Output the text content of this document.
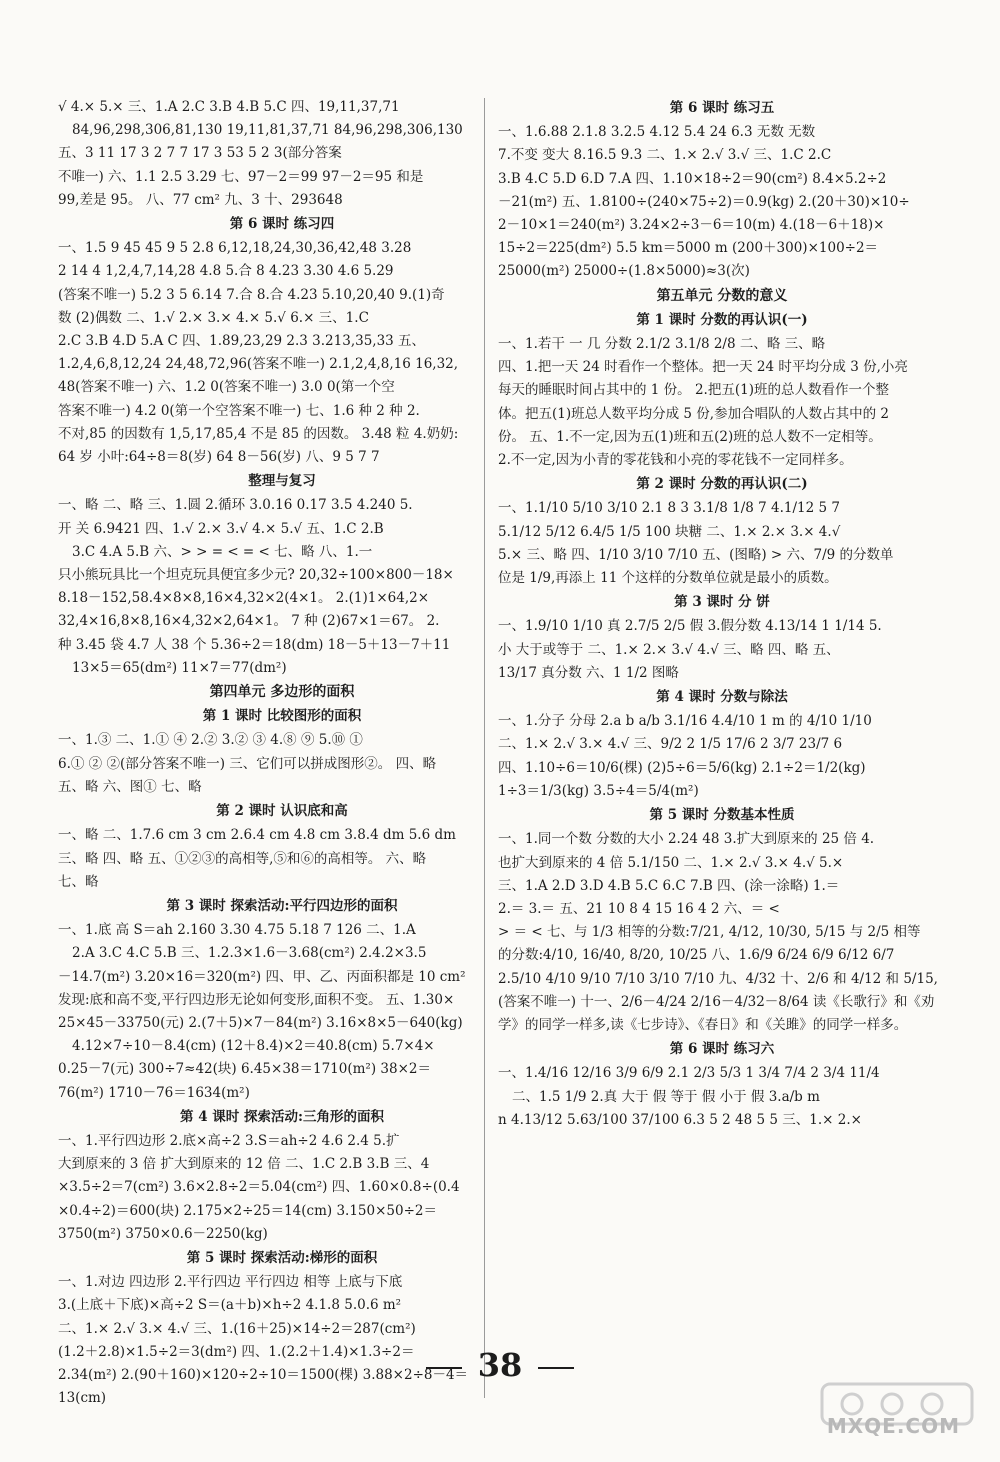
√ 4.× 5.× 三、1.A 2.C 3.B 4.B 5.C 四、19,11,37,71
84,96,298,306,81,130 19,11,81,37,71 84,96,298,306,130
五、3 11 17 3 2 7 7 17 3 53 5 2 3(部分答案
不唯一) 六、1.1 2.5 3.29 七、97－2＝99 97－2＝95 和是
99,差是 95。 八、77 cm² 九、3 十、293648
第 6 课时 练习四
一、1.5 9 45 45 9 5 2.8 6,12,18,24,30,36,42,48 3.28
2 14 4 1,2,4,7,14,28 4.8 5.合 8 4.23 3.30 4.6 5.29
(答案不唯一) 5.2 3 5 6.14 7.合 8.合 4.23 5.10,20,40 9.(1)奇
数 (2)偶数 二、1.√ 2.× 3.× 4.× 5.√ 6.× 三、1.C
2.C 3.B 4.D 5.A C 四、1.89,23,29 2.3 3.213,35,33 五、
1.2,4,6,8,12,24 24,48,72,96(答案不唯一) 2.1,2,4,8,16 16,32,
48(答案不唯一) 六、1.2 0(答案不唯一) 3.0 0(第一个空
答案不唯一) 4.2 0(第一个空答案不唯一) 七、1.6 种 2 种 2.
不对,85 的因数有 1,5,17,85,4 不是 85 的因数。 3.48 粒 4.奶奶:
64 岁 小叶:64÷8＝8(岁) 64 8－56(岁) 八、9 5 7 7
整理与复习
一、略 二、略 三、1.圆 2.循环 3.0.16 0.17 3.5 4.240 5.
开 关 6.9421 四、1.√ 2.× 3.√ 4.× 5.√ 五、1.C 2.B
3.C 4.A 5.B 六、> > = < = < 七、略 八、1.一
只小熊玩具比一个坦克玩具便宜多少元? 20,32÷100×800－18×
8.18－152,58.4×8×8,16×4,32×2(4×1。 2.(1)1×64,2×
32,4×16,8×8,16×4,32×2,64×1。 7 种 (2)67×1＝67。 2.
种 3.45 袋 4.7 人 38 个 5.36÷2＝18(dm) 18－5＋13－7＋11
13×5＝65(dm²) 11×7＝77(dm²)
第四单元 多边形的面积
第 1 课时 比较图形的面积
一、1.③ 二、1.① ④ 2.② 3.② ③ 4.⑧ ⑨ 5.⑩ ①
6.① ② ②(部分答案不唯一) 三、它们可以拼成图形②。 四、略
五、略 六、图① 七、略
第 2 课时 认识底和高
一、略 二、1.7.6 cm 3 cm 2.6.4 cm 4.8 cm 3.8.4 dm 5.6 dm
三、略 四、略 五、①②③的高相等,⑤和⑥的高相等。 六、略
七、略
第 3 课时 探索活动:平行四边形的面积
一、1.底 高 S＝ah 2.160 3.30 4.75 5.18 7 126 二、1.A
2.A 3.C 4.C 5.B 三、1.2.3×1.6－3.68(cm²) 2.4.2×3.5
－14.7(m²) 3.20×16＝320(m²) 四、甲、乙、丙面积都是 10 cm²
发现:底和高不变,平行四边形无论如何变形,面积不变。 五、1.30×
25×45－33750(元) 2.(7＋5)×7－84(m²) 3.16×8×5－640(kg)
4.12×7÷10－8.4(cm) (12＋8.4)×2＝40.8(cm) 5.7×4×
0.25－7(元) 300÷7≈42(块) 6.45×38＝1710(m²) 38×2＝
76(m²) 1710－76＝1634(m²)
第 4 课时 探索活动:三角形的面积
一、1.平行四边形 2.底×高÷2 3.S＝ah÷2 4.6 2.4 5.扩
大到原来的 3 倍 扩大到原来的 12 倍 二、1.C 2.B 3.B 三、4
×3.5÷2＝7(cm²) 3.6×2.8÷2＝5.04(cm²) 四、1.60×0.8÷(0.4
×0.4÷2)＝600(块) 2.175×2÷25＝14(cm) 3.150×50÷2＝
3750(m²) 3750×0.6－2250(kg)
第 5 课时 探索活动:梯形的面积
一、1.对边 四边形 2.平行四边 平行四边 相等 上底与下底
3.(上底＋下底)×高÷2 S＝(a＋b)×h÷2 4.1.8 5.0.6 m²
二、1.× 2.√ 3.× 4.√ 三、1.(16＋25)×14÷2＝287(cm²)
(1.2＋2.8)×1.5÷2＝3(dm²) 四、1.(2.2＋1.4)×1.3÷2＝
2.34(m²) 2.(90＋160)×120÷2÷10＝1500(棵) 3.88×2÷8－4＝
13(cm)
第 6 课时 练习五
一、1.6.88 2.1.8 3.2.5 4.12 5.4 24 6.3 无数 无数
7.不变 变大 8.16.5 9.3 二、1.× 2.√ 3.√ 三、1.C 2.C
3.B 4.C 5.D 6.D 7.A 四、1.10×18÷2＝90(cm²) 8.4×5.2÷2
－21(m²) 五、1.8100÷(240×75÷2)＝0.9(kg) 2.(20＋30)×10÷
2－10×1＝240(m²) 3.24×2÷3－6＝10(m) 4.(18－6＋18)×
15÷2＝225(dm²) 5.5 km＝5000 m (200＋300)×100÷2＝
25000(m²) 25000÷(1.8×5000)≈3(次)
第五单元 分数的意义
第 1 课时 分数的再认识(一)
一、1.若干 一 几 分数 2.1/2 3.1/8 2/8 二、略 三、略
四、1.把一天 24 时看作一个整体。把一天 24 时平均分成 3 份,小亮
每天的睡眠时间占其中的 1 份。 2.把五(1)班的总人数看作一个整
体。把五(1)班总人数平均分成 5 份,参加合唱队的人数占其中的 2
份。 五、1.不一定,因为五(1)班和五(2)班的总人数不一定相等。
2.不一定,因为小青的零花钱和小亮的零花钱不一定同样多。
第 2 课时 分数的再认识(二)
一、1.1/10 5/10 3/10 2.1 8 3 3.1/8 1/8 7 4.1/12 5 7
5.1/12 5/12 6.4/5 1/5 100 块糖 二、1.× 2.× 3.× 4.√
5.× 三、略 四、1/10 3/10 7/10 五、(图略) > 六、7/9 的分数单
位是 1/9,再添上 11 个这样的分数单位就是最小的质数。
第 3 课时 分 饼
一、1.9/10 1/10 真 2.7/5 2/5 假 3.假分数 4.13/14 1 1/14 5.
小 大于或等于 二、1.× 2.× 3.√ 4.√ 三、略 四、略 五、
13/17 真分数 六、1 1/2 图略
第 4 课时 分数与除法
一、1.分子 分母 2.a b a/b 3.1/16 4.4/10 1 m 的 4/10 1/10
二、1.× 2.√ 3.× 4.√ 三、9/2 2 1/5 17/6 2 3/7 23/7 6
四、1.10÷6＝10/6(棵) (2)5÷6＝5/6(kg) 2.1÷2＝1/2(kg)
1÷3＝1/3(kg) 3.5÷4＝5/4(m²)
第 5 课时 分数基本性质
一、1.同一个数 分数的大小 2.24 48 3.扩大到原来的 25 倍 4.
也扩大到原来的 4 倍 5.1/150 二、1.× 2.√ 3.× 4.√ 5.×
三、1.A 2.D 3.D 4.B 5.C 6.C 7.B 四、(涂一涂略) 1.＝
2.＝ 3.＝ 五、21 10 8 4 15 16 4 2 六、＝ <
> ＝ < 七、与 1/3 相等的分数:7/21, 4/12, 10/30, 5/15 与 2/5 相等
的分数:4/10, 16/40, 8/20, 10/25 八、1.6/9 6/24 6/9 6/12 6/7
2.5/10 4/10 9/10 7/10 3/10 7/10 九、4/32 十、2/6 和 4/12 和 5/15,
(答案不唯一) 十一、2/6－4/24 2/16－4/32－8/64 读《长歌行》和《劝
学》的同学一样多,读《七步诗》、《春日》和《关雎》的同学一样多。
第 6 课时 练习六
一、1.4/16 12/16 3/9 6/9 2.1 2/3 5/3 1 3/4 7/4 2 3/4 11/4
二、1.5 1/9 2.真 大于 假 等于 假 小于 假 3.a/b m
n 4.13/12 5.63/100 37/100 6.3 5 2 48 5 5 三、1.× 2.×
38
MXQE.COM
